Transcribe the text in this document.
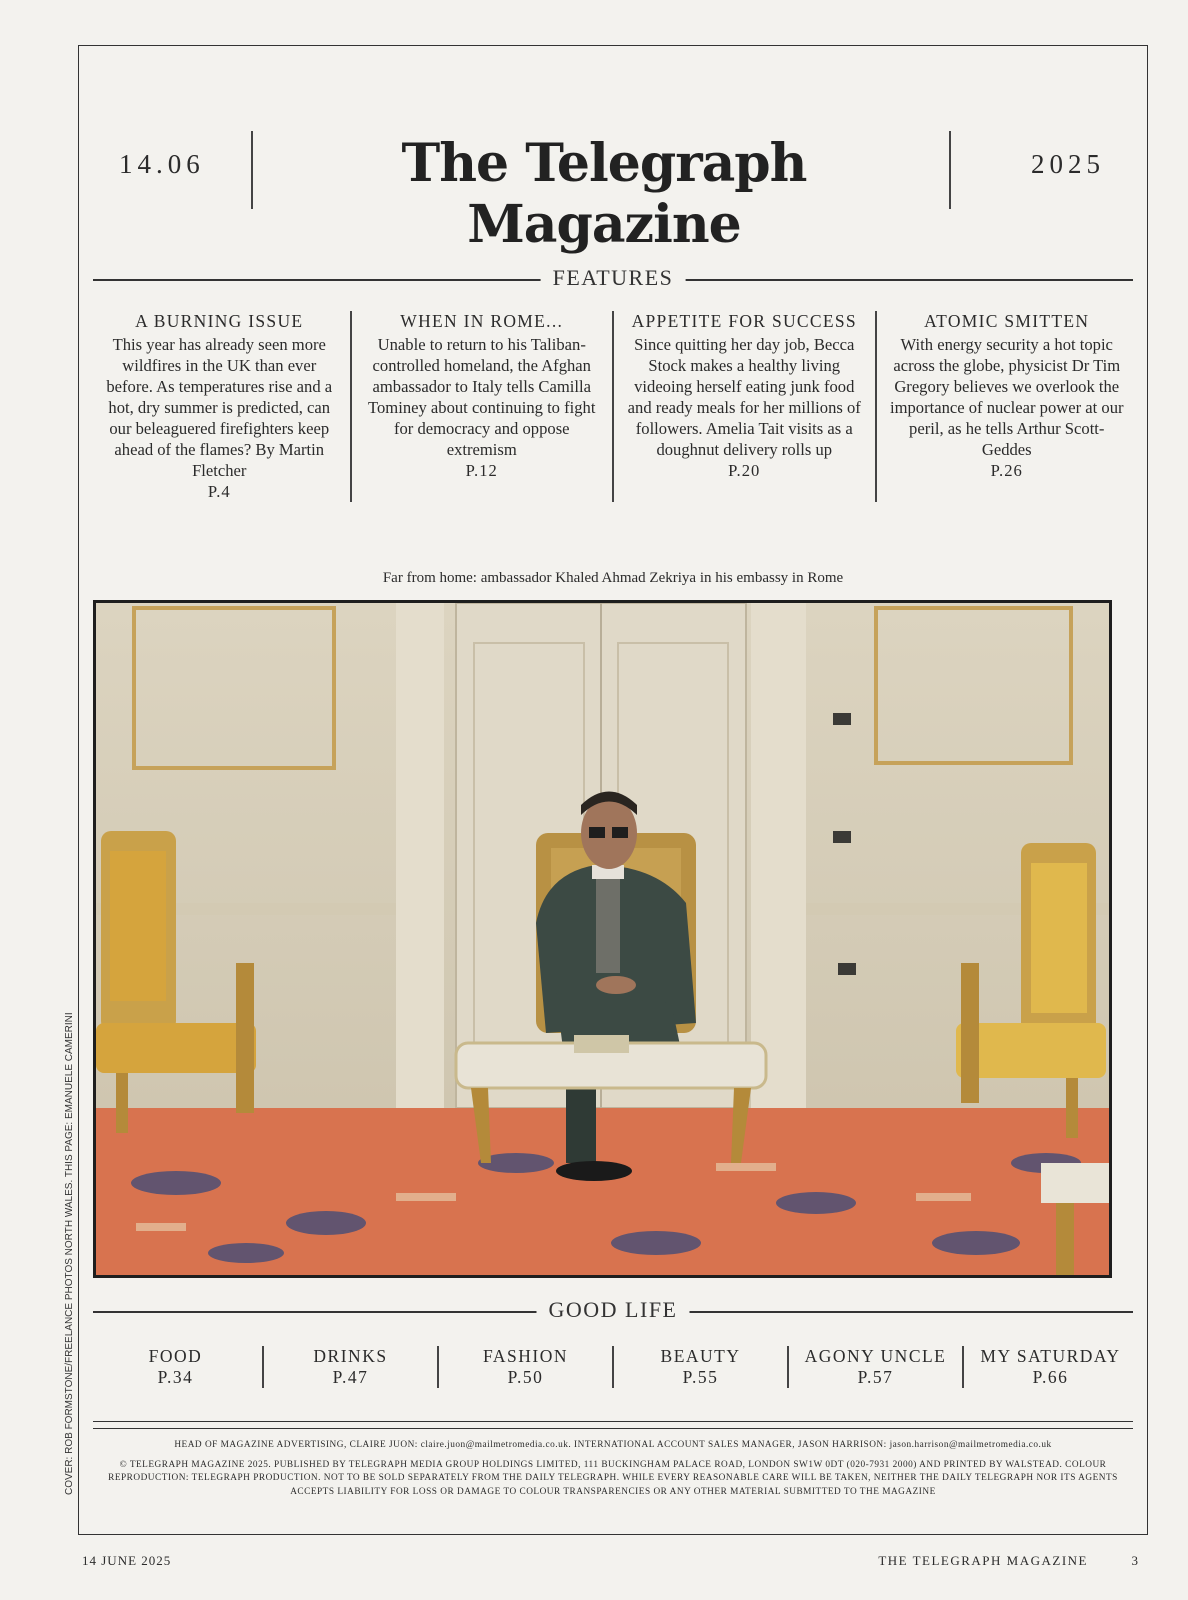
14.06	The Telegraph Magazine
2025
FEATURES
A BURNING ISSUE
This year has already seen more wildfires in the UK than ever before. As temperatures rise and a hot, dry summer is predicted, can our beleaguered firefighters keep ahead of the flames? By Martin Fletcher
P.4
WHEN IN ROME...
Unable to return to his Taliban-controlled homeland, the Afghan ambassador to Italy tells Camilla Tominey about continuing to fight for democracy and oppose extremism
P.12
APPETITE FOR SUCCESS
Since quitting her day job, Becca Stock makes a healthy living videoing herself eating junk food and ready meals for her millions of followers. Amelia Tait visits as a doughnut delivery rolls up
P.20
ATOMIC SMITTEN
With energy security a hot topic across the globe, physicist Dr Tim Gregory believes we overlook the importance of nuclear power at our peril, as he tells Arthur Scott-Geddes
P.26
Far from home: ambassador Khaled Ahmad Zekriya in his embassy in Rome
GOOD LIFE
FOOD
P.34
DRINKS
P.47
FASHION
P.50
BEAUTY
P.55
AGONY UNCLE
P.57
MY SATURDAY
P.66
HEAD OF MAGAZINE ADVERTISING, CLAIRE JUON: claire.juon@mailmetromedia.co.uk. INTERNATIONAL ACCOUNT SALES MANAGER, JASON HARRISON: jason.harrison@mailmetromedia.co.uk
© TELEGRAPH MAGAZINE 2025. PUBLISHED BY TELEGRAPH MEDIA GROUP HOLDINGS LIMITED, 111 BUCKINGHAM PALACE ROAD, LONDON SW1W 0DT (020-7931 2000) AND PRINTED BY WALSTEAD. COLOUR REPRODUCTION: TELEGRAPH PRODUCTION. NOT TO BE SOLD SEPARATELY FROM THE DAILY TELEGRAPH. WHILE EVERY REASONABLE CARE WILL BE TAKEN, NEITHER THE DAILY TELEGRAPH NOR ITS AGENTS ACCEPTS LIABILITY FOR LOSS OR DAMAGE TO COLOUR TRANSPARENCIES OR ANY OTHER MATERIAL SUBMITTED TO THE MAGAZINE
COVER: ROB FORMSTONE/FREELANCE PHOTOS NORTH WALES. THIS PAGE: EMANUELE CAMERINI
14 JUNE 2025	THE TELEGRAPH MAGAZINE	3
